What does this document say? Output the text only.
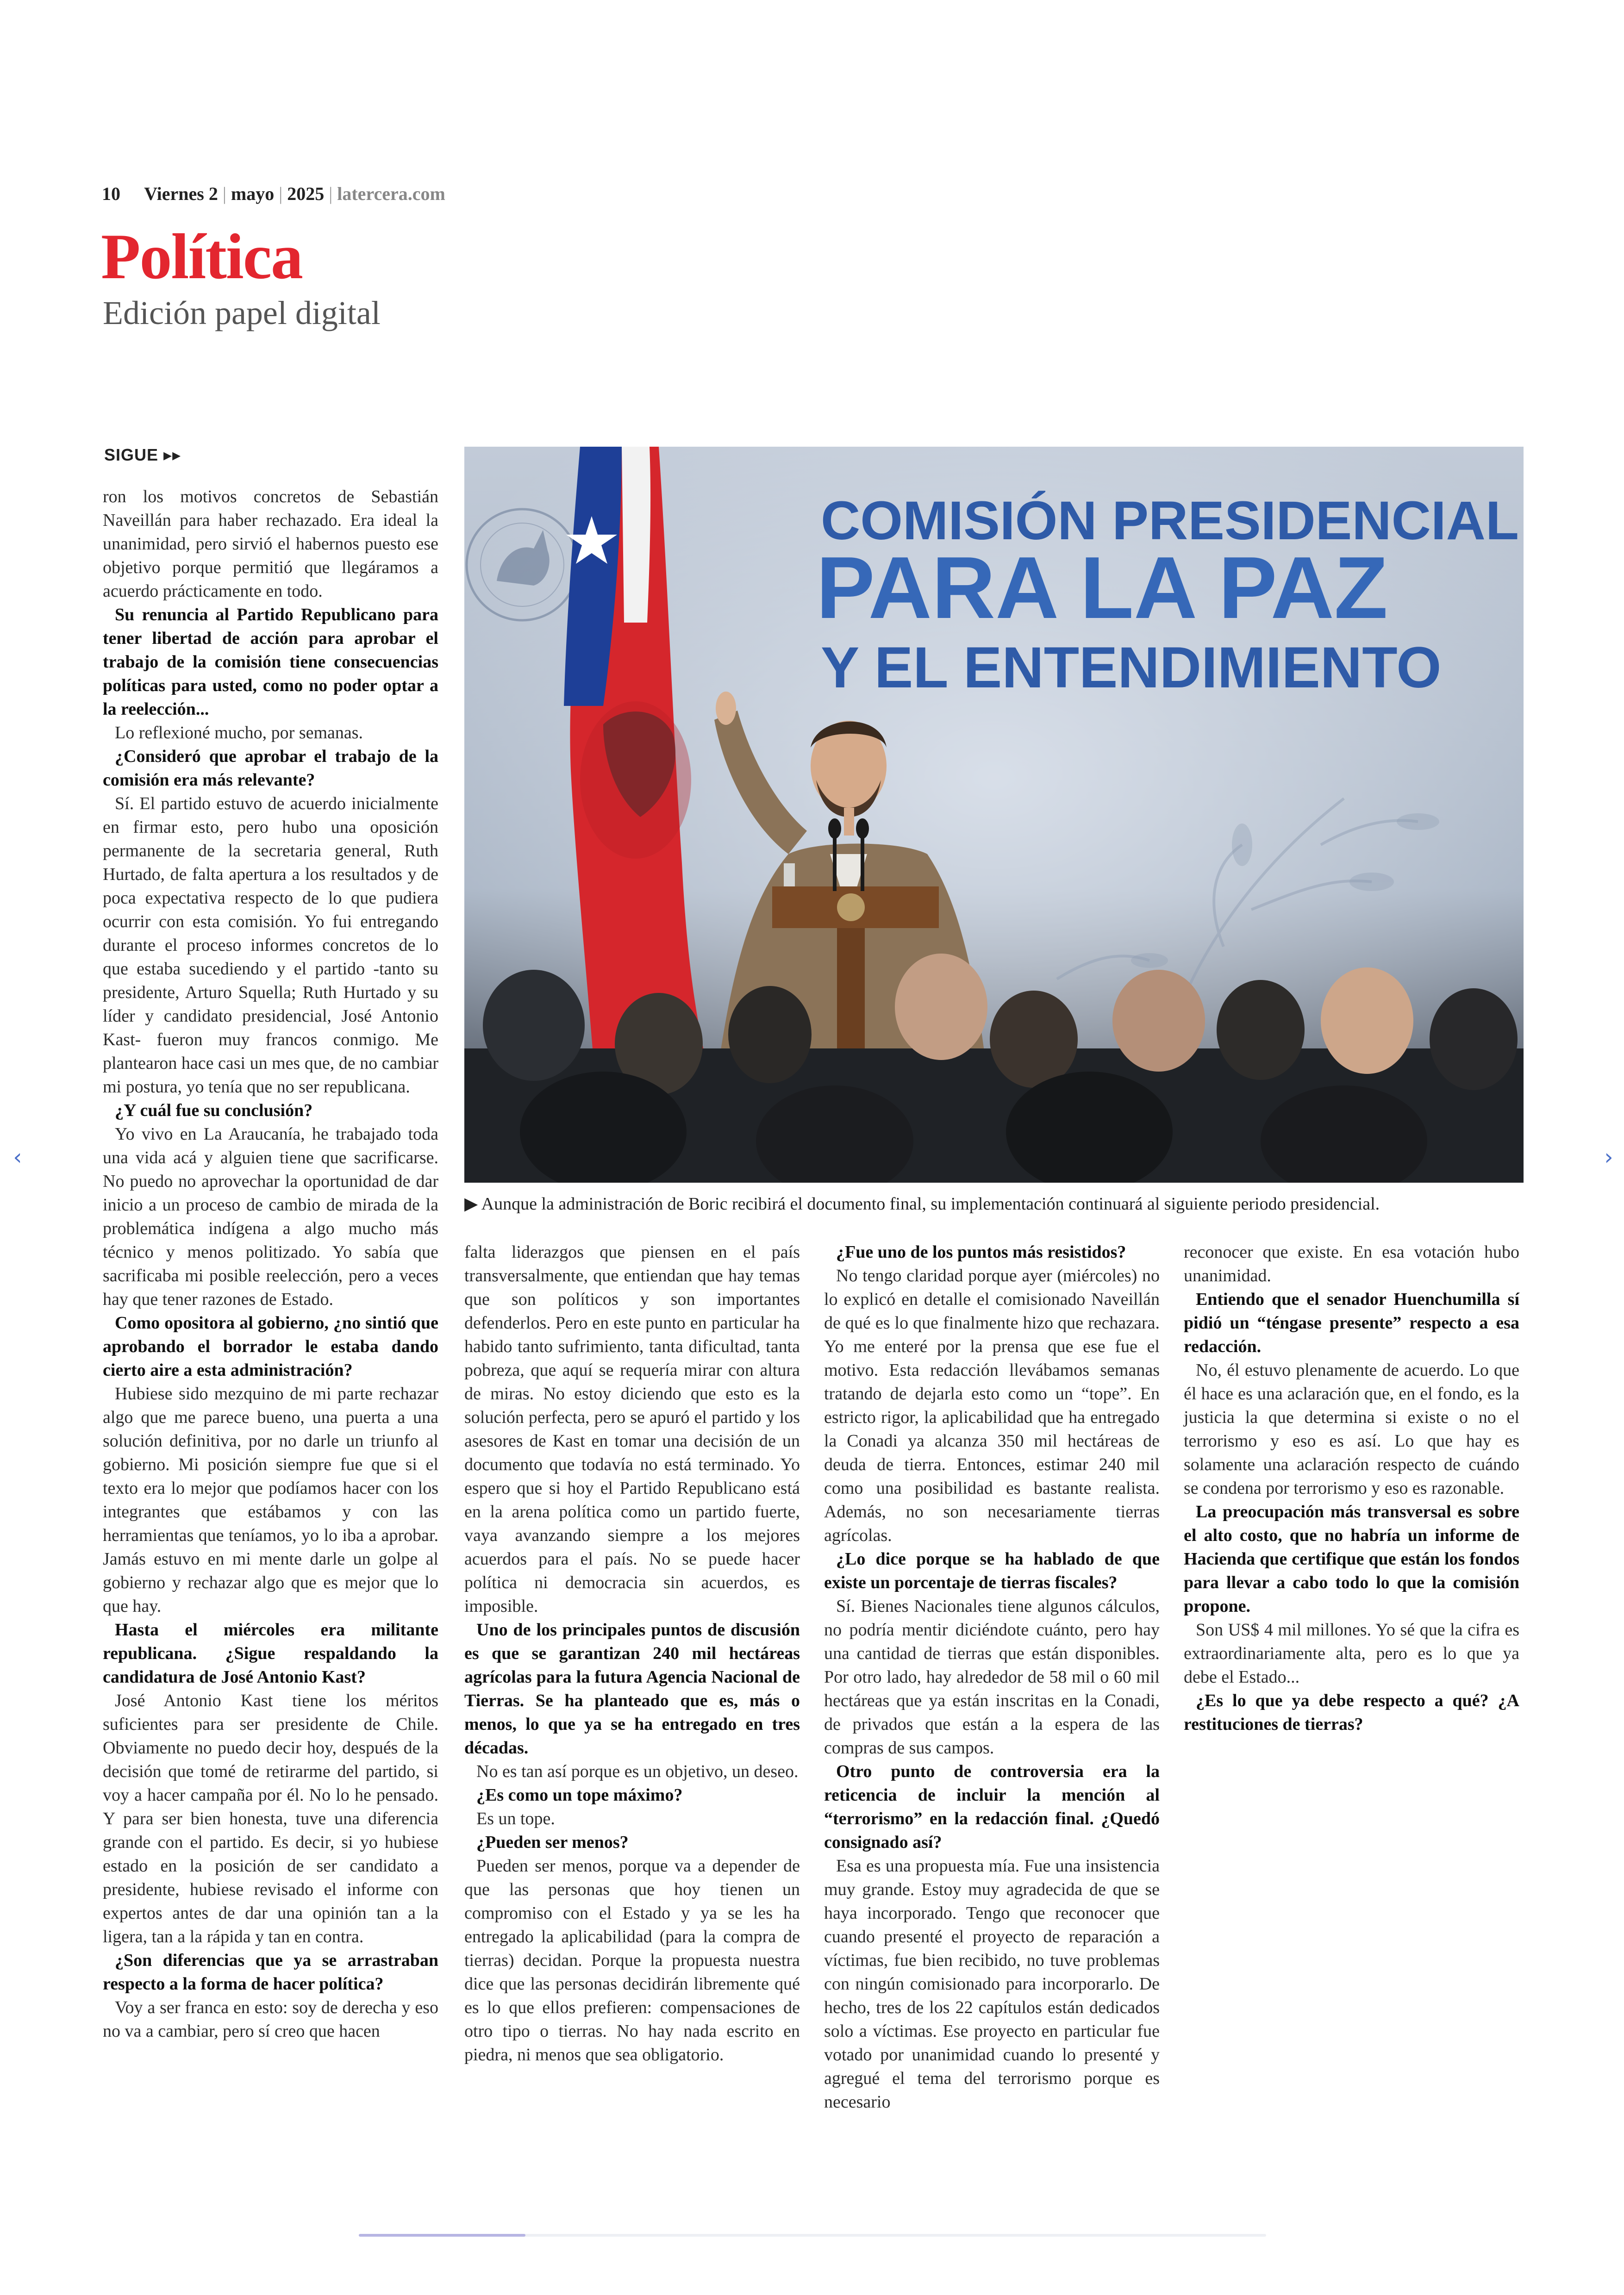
10 Viernes 2 | mayo | 2025 | latercera.com
Política
Edición papel digital
SIGUE ▸▸

ron los motivos concretos de Sebastián Naveillán para haber rechazado. Era ideal la unanimidad, pero sirvió el habernos puesto ese objetivo porque permitió que llegáramos a acuerdo prácticamente en todo.

Su renuncia al Partido Republicano para tener libertad de acción para aprobar el trabajo de la comisión tiene consecuencias políticas para usted, como no poder optar a la reelección...

Lo reflexioné mucho, por semanas.

¿Consideró que aprobar el trabajo de la comisión era más relevante?

Sí. El partido estuvo de acuerdo inicialmente en firmar esto, pero hubo una oposición permanente de la secretaria general, Ruth Hurtado, de falta apertura a los resultados y de poca expectativa respecto de lo que pudiera ocurrir con esta comisión. Yo fui entregando durante el proceso informes concretos de lo que estaba sucediendo y el partido -tanto su presidente, Arturo Squella; Ruth Hurtado y su líder y candidato presidencial, José Antonio Kast- fueron muy francos conmigo. Me plantearon hace casi un mes que, de no cambiar mi postura, yo tenía que no ser republicana.

¿Y cuál fue su conclusión?

Yo vivo en La Araucanía, he trabajado toda una vida acá y alguien tiene que sacrificarse. No puedo no aprovechar la oportunidad de dar inicio a un proceso de cambio de mirada de la problemática indígena a algo mucho más técnico y menos politizado. Yo sabía que sacrificaba mi posible reelección, pero a veces hay que tener razones de Estado.

Como opositora al gobierno, ¿no sintió que aprobando el borrador le estaba dando cierto aire a esta administración?

Hubiese sido mezquino de mi parte rechazar algo que me parece bueno, una puerta a una solución definitiva, por no darle un triunfo al gobierno. Mi posición siempre fue que si el texto era lo mejor que podíamos hacer con los integrantes que estábamos y con las herramientas que teníamos, yo lo iba a aprobar. Jamás estuvo en mi mente darle un golpe al gobierno y rechazar algo que es mejor que lo que hay.

Hasta el miércoles era militante republicana. ¿Sigue respaldando la candidatura de José Antonio Kast?

José Antonio Kast tiene los méritos suficientes para ser presidente de Chile. Obviamente no puedo decir hoy, después de la decisión que tomé de retirarme del partido, si voy a hacer campaña por él. No lo he pensado. Y para ser bien honesta, tuve una diferencia grande con el partido. Es decir, si yo hubiese estado en la posición de ser candidato a presidente, hubiese revisado el informe con expertos antes de dar una opinión tan a la ligera, tan a la rápida y tan en contra.

¿Son diferencias que ya se arrastraban respecto a la forma de hacer política?

Voy a ser franca en esto: soy de derecha y eso no va a cambiar, pero sí creo que hacen

COMISIÓN PRESIDENCIAL
PARA LA PAZ
Y EL ENTENDIMIENTO
▶ Aunque la administración de Boric recibirá el documento final, su implementación continuará al siguiente periodo presidencial.

falta liderazgos que piensen en el país transversalmente, que entiendan que hay temas que son políticos y son importantes defenderlos. Pero en este punto en particular ha habido tanto sufrimiento, tanta dificultad, tanta pobreza, que aquí se requería mirar con altura de miras. No estoy diciendo que esto es la solución perfecta, pero se apuró el partido y los asesores de Kast en tomar una decisión de un documento que todavía no está terminado. Yo espero que si hoy el Partido Republicano está en la arena política como un partido fuerte, vaya avanzando siempre a los mejores acuerdos para el país. No se puede hacer política ni democracia sin acuerdos, es imposible.

Uno de los principales puntos de discusión es que se garantizan 240 mil hectáreas agrícolas para la futura Agencia Nacional de Tierras. Se ha planteado que es, más o menos, lo que ya se ha entregado en tres décadas.

No es tan así porque es un objetivo, un deseo.

¿Es como un tope máximo?

Es un tope.

¿Pueden ser menos?

Pueden ser menos, porque va a depender de que las personas que hoy tienen un compromiso con el Estado y ya se les ha entregado la aplicabilidad (para la compra de tierras) decidan. Porque la propuesta nuestra dice que las personas decidirán libremente qué es lo que ellos prefieren: compensaciones de otro tipo o tierras. No hay nada escrito en piedra, ni menos que sea obligatorio.

¿Fue uno de los puntos más resistidos?

No tengo claridad porque ayer (miércoles) no lo explicó en detalle el comisionado Naveillán de qué es lo que finalmente hizo que rechazara. Yo me enteré por la prensa que ese fue el motivo. Esta redacción llevábamos semanas tratando de dejarla esto como un “tope”. En estricto rigor, la aplicabilidad que ha entregado la Conadi ya alcanza 350 mil hectáreas de deuda de tierra. Entonces, estimar 240 mil como una posibilidad es bastante realista. Además, no son necesariamente tierras agrícolas.

¿Lo dice porque se ha hablado de que existe un porcentaje de tierras fiscales?

Sí. Bienes Nacionales tiene algunos cálculos, no podría mentir diciéndote cuánto, pero hay una cantidad de tierras que están disponibles. Por otro lado, hay alrededor de 58 mil o 60 mil hectáreas que ya están inscritas en la Conadi, de privados que están a la espera de las compras de sus campos.

Otro punto de controversia era la reticencia de incluir la mención al “terrorismo” en la redacción final. ¿Quedó consignado así?

Esa es una propuesta mía. Fue una insistencia muy grande. Estoy muy agradecida de que se haya incorporado. Tengo que reconocer que cuando presenté el proyecto de reparación a víctimas, fue bien recibido, no tuve problemas con ningún comisionado para incorporarlo. De hecho, tres de los 22 capítulos están dedicados solo a víctimas. Ese proyecto en particular fue votado por unanimidad cuando lo presenté y agregué el tema del terrorismo porque es necesario

reconocer que existe. En esa votación hubo unanimidad.

Entiendo que el senador Huenchumilla sí pidió un “téngase presente” respecto a esa redacción.

No, él estuvo plenamente de acuerdo. Lo que él hace es una aclaración que, en el fondo, es la justicia la que determina si existe o no el terrorismo y eso es así. Lo que hay es solamente una aclaración respecto de cuándo se condena por terrorismo y eso es razonable.

La preocupación más transversal es sobre el alto costo, que no habría un informe de Hacienda que certifique que están los fondos para llevar a cabo todo lo que la comisión propone.

Son US$ 4 mil millones. Yo sé que la cifra es extraordinariamente alta, pero es lo que ya debe el Estado...

¿Es lo que ya debe respecto a qué? ¿A restituciones de tierras?

‹	›
